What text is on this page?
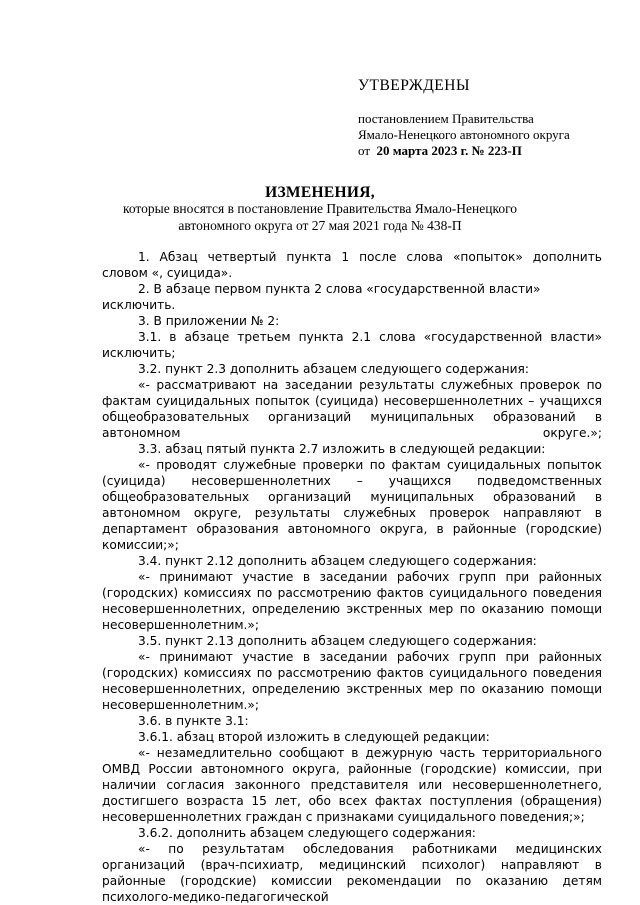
УТВЕРЖДЕНЫ
постановлением Правительства
Ямало-Ненецкого автономного округа
от 20 марта 2023 г. № 223-П
ИЗМЕНЕНИЯ,
которые вносятся в постановление Правительства Ямало-Ненецкого
автономного округа от 27 мая 2021 года № 438-П

1. Абзац четвертый пункта 1 после слова «попыток» дополнить словом «, суицида».

2. В абзаце первом пункта 2 слова «государственной власти» исключить.

3. В приложении № 2:

3.1. в абзаце третьем пункта 2.1 слова «государственной власти» исключить;

3.2. пункт 2.3 дополнить абзацем следующего содержания:

«- рассматривают на заседании результаты служебных проверок по фактам суицидальных попыток (суицида) несовершеннолетних – учащихся общеобразовательных организаций муниципальных образований в автономном округе.»;

3.3. абзац пятый пункта 2.7 изложить в следующей редакции:

«- проводят служебные проверки по фактам суицидальных попыток (суицида) несовершеннолетних – учащихся подведомственных общеобразовательных организаций муниципальных образований в автономном округе, результаты служебных проверок направляют в департамент образования автономного округа, в районные (городские) комиссии;»;

3.4. пункт 2.12 дополнить абзацем следующего содержания:

«- принимают участие в заседании рабочих групп при районных (городских) комиссиях по рассмотрению фактов суицидального поведения несовершеннолетних, определению экстренных мер по оказанию помощи несовершеннолетним.»;

3.5. пункт 2.13 дополнить абзацем следующего содержания:

«- принимают участие в заседании рабочих групп при районных (городских) комиссиях по рассмотрению фактов суицидального поведения несовершеннолетних, определению экстренных мер по оказанию помощи несовершеннолетним.»;

3.6. в пункте 3.1:

3.6.1. абзац второй изложить в следующей редакции:

«- незамедлительно сообщают в дежурную часть территориального ОМВД России автономного округа, районные (городские) комиссии, при наличии согласия законного представителя или несовершеннолетнего, достигшего возраста 15 лет, обо всех фактах поступления (обращения) несовершеннолетних граждан с признаками суицидального поведения;»;

3.6.2. дополнить абзацем следующего содержания:

«- по результатам обследования работниками медицинских организаций (врач-психиатр, медицинский психолог) направляют в районные (городские) комиссии рекомендации по оказанию детям психолого-медико-педагогической
